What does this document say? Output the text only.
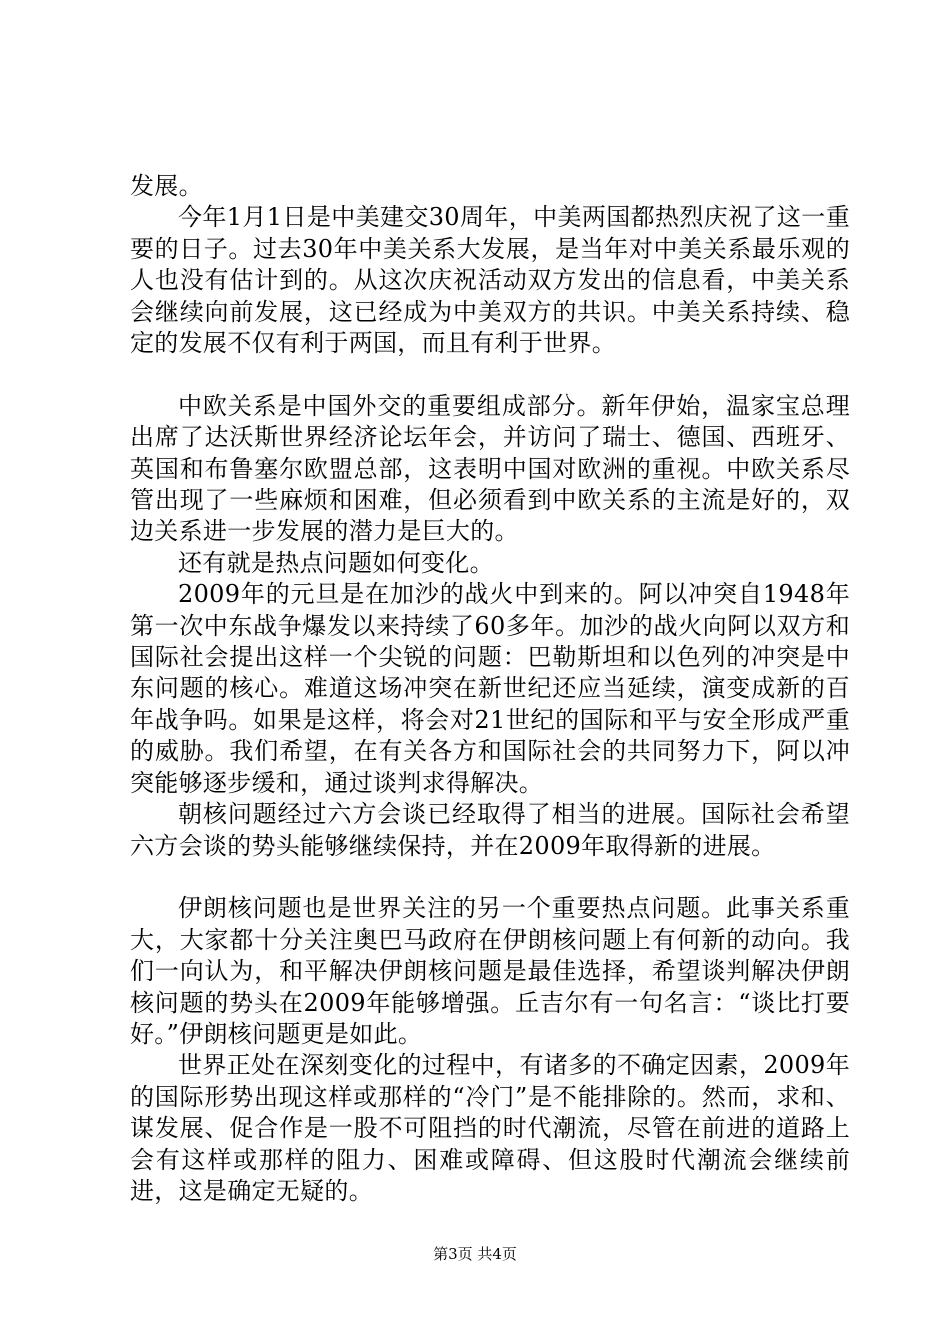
发展。

今年1月1日是中美建交30周年，中美两国都热烈庆祝了这一重要的日子。过去30年中美关系大发展，是当年对中美关系最乐观的人也没有估计到的。从这次庆祝活动双方发出的信息看，中美关系会继续向前发展，这已经成为中美双方的共识。中美关系持续、稳定的发展不仅有利于两国，而且有利于世界。

中欧关系是中国外交的重要组成部分。新年伊始，温家宝总理出席了达沃斯世界经济论坛年会，并访问了瑞士、德国、西班牙、英国和布鲁塞尔欧盟总部，这表明中国对欧洲的重视。中欧关系尽管出现了一些麻烦和困难，但必须看到中欧关系的主流是好的，双边关系进一步发展的潜力是巨大的。

还有就是热点问题如何变化。

2009年的元旦是在加沙的战火中到来的。阿以冲突自1948年第一次中东战争爆发以来持续了60多年。加沙的战火向阿以双方和国际社会提出这样一个尖锐的问题：巴勒斯坦和以色列的冲突是中东问题的核心。难道这场冲突在新世纪还应当延续，演变成新的百年战争吗。如果是这样，将会对21世纪的国际和平与安全形成严重的威胁。我们希望，在有关各方和国际社会的共同努力下，阿以冲突能够逐步缓和，通过谈判求得解决。

朝核问题经过六方会谈已经取得了相当的进展。国际社会希望六方会谈的势头能够继续保持，并在2009年取得新的进展。

伊朗核问题也是世界关注的另一个重要热点问题。此事关系重大，大家都十分关注奥巴马政府在伊朗核问题上有何新的动向。我们一向认为，和平解决伊朗核问题是最佳选择，希望谈判解决伊朗核问题的势头在2009年能够增强。丘吉尔有一句名言：“谈比打要好。”伊朗核问题更是如此。

世界正处在深刻变化的过程中，有诸多的不确定因素，2009年的国际形势出现这样或那样的“冷门”是不能排除的。然而，求和、谋发展、促合作是一股不可阻挡的时代潮流，尽管在前进的道路上会有这样或那样的阻力、困难或障碍、但这股时代潮流会继续前进，这是确定无疑的。

第3页 共4页
